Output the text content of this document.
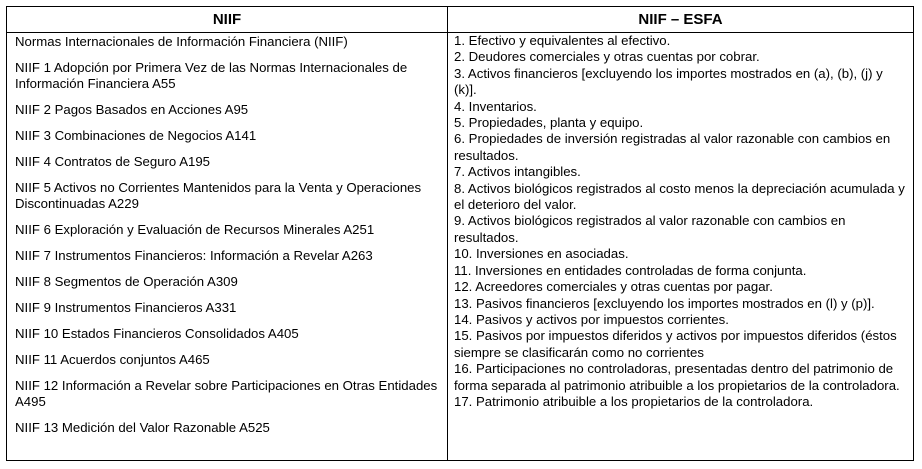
NIIF	NIIF – ESFA

Normas Internacionales de Información Financiera (NIIF)

NIIF 1 Adopción por Primera Vez de las Normas Internacionales de Información Financiera A55

NIIF 2 Pagos Basados en Acciones A95

NIIF 3 Combinaciones de Negocios A141

NIIF 4 Contratos de Seguro A195

NIIF 5 Activos no Corrientes Mantenidos para la Venta y Operaciones Discontinuadas A229

NIIF 6 Exploración y Evaluación de Recursos Minerales A251

NIIF 7 Instrumentos Financieros: Información a Revelar A263

NIIF 8 Segmentos de Operación A309

NIIF 9 Instrumentos Financieros A331

NIIF 10 Estados Financieros Consolidados A405

NIIF 11 Acuerdos conjuntos A465

NIIF 12 Información a Revelar sobre Participaciones en Otras Entidades A495

NIIF 13 Medición del Valor Razonable A525

1. Efectivo y equivalentes al efectivo.
2. Deudores comerciales y otras cuentas por cobrar.
3. Activos financieros [excluyendo los importes mostrados en (a), (b), (j) y (k)].
4. Inventarios.
5. Propiedades, planta y equipo.
6. Propiedades de inversión registradas al valor razonable con cambios en resultados.
7. Activos intangibles.
8. Activos biológicos registrados al costo menos la depreciación acumulada y el deterioro del valor.
9. Activos biológicos registrados al valor razonable con cambios en resultados.
10. Inversiones en asociadas.
11. Inversiones en entidades controladas de forma conjunta.
12. Acreedores comerciales y otras cuentas por pagar.
13. Pasivos financieros [excluyendo los importes mostrados en (l) y (p)].
14. Pasivos y activos por impuestos corrientes.
15. Pasivos por impuestos diferidos y activos por impuestos diferidos (éstos siempre se clasificarán como no corrientes
16. Participaciones no controladoras, presentadas dentro del patrimonio de forma separada al patrimonio atribuible a los propietarios de la controladora.
17. Patrimonio atribuible a los propietarios de la controladora.
